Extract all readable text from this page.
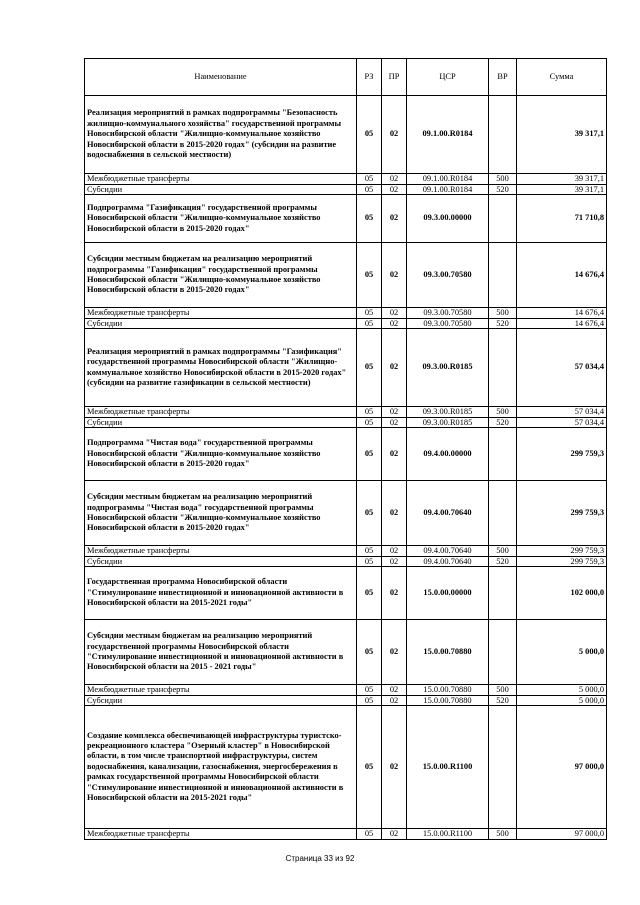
Наименование	РЗ	ПР	ЦСР	ВР	Сумма
Реализация мероприятий в рамках подпрограммы "Безопасность жилищно-коммунального хозяйства" государственной программы Новосибирской области "Жилищно-коммунальное хозяйство Новосибирской области в 2015-2020 годах" (субсидии на развитие водоснабжения в сельской местности)	05	02	09.1.00.R0184		39 317,1
Межбюджетные трансферты	05	02	09.1.00.R0184	500	39 317,1
Субсидии	05	02	09.1.00.R0184	520	39 317,1
Подпрограмма "Газификация" государственной программы Новосибирской области "Жилищно-коммунальное хозяйство Новосибирской области в 2015-2020 годах"	05	02	09.3.00.00000		71 710,8
Субсидии местным бюджетам на реализацию мероприятий подпрограммы "Газификация" государственной программы Новосибирской области "Жилищно-коммунальное хозяйство Новосибирской области в 2015-2020 годах"	05	02	09.3.00.70580		14 676,4
Межбюджетные трансферты	05	02	09.3.00.70580	500	14 676,4
Субсидии	05	02	09.3.00.70580	520	14 676,4
Реализация мероприятий в рамках подпрограммы "Газификация" государственной программы Новосибирской области "Жилищно-коммунальное хозяйство Новосибирской области в 2015-2020 годах" (субсидии на развитие газификации в сельской местности)	05	02	09.3.00.R0185		57 034,4
Межбюджетные трансферты	05	02	09.3.00.R0185	500	57 034,4
Субсидии	05	02	09.3.00.R0185	520	57 034,4
Подпрограмма "Чистая вода" государственной программы Новосибирской области "Жилищно-коммунальное хозяйство Новосибирской области в 2015-2020 годах"	05	02	09.4.00.00000		299 759,3
Субсидии местным бюджетам на реализацию мероприятий подпрограммы "Чистая вода" государственной программы Новосибирской области "Жилищно-коммунальное хозяйство Новосибирской области в 2015-2020 годах"	05	02	09.4.00.70640		299 759,3
Межбюджетные трансферты	05	02	09.4.00.70640	500	299 759,3
Субсидии	05	02	09.4.00.70640	520	299 759,3
Государственная программа Новосибирской области "Стимулирование инвестиционной и инновационной активности в Новосибирской области на 2015-2021 годы"	05	02	15.0.00.00000		102 000,0
Субсидии местным бюджетам на реализацию мероприятий государственной программы Новосибирской области "Стимулирование инвестиционной и инновационной активности в Новосибирской области на 2015 - 2021 годы"	05	02	15.0.00.70880		5 000,0
Межбюджетные трансферты	05	02	15.0.00.70880	500	5 000,0
Субсидии	05	02	15.0.00.70880	520	5 000,0
Создание комплекса обеспечивающей инфраструктуры туристско-рекреационного кластера "Озерный кластер" в Новосибирской области, в том числе транспортной инфраструктуры, систем водоснабжения, канализации, газоснабжения, энергосбережения в рамках государственной программы Новосибирской области "Стимулирование инвестиционной и инновационной активности в Новосибирской области на 2015-2021 годы"	05	02	15.0.00.R1100		97 000,0
Межбюджетные трансферты	05	02	15.0.00.R1100	500	97 000,0
Страница 33 из 92
